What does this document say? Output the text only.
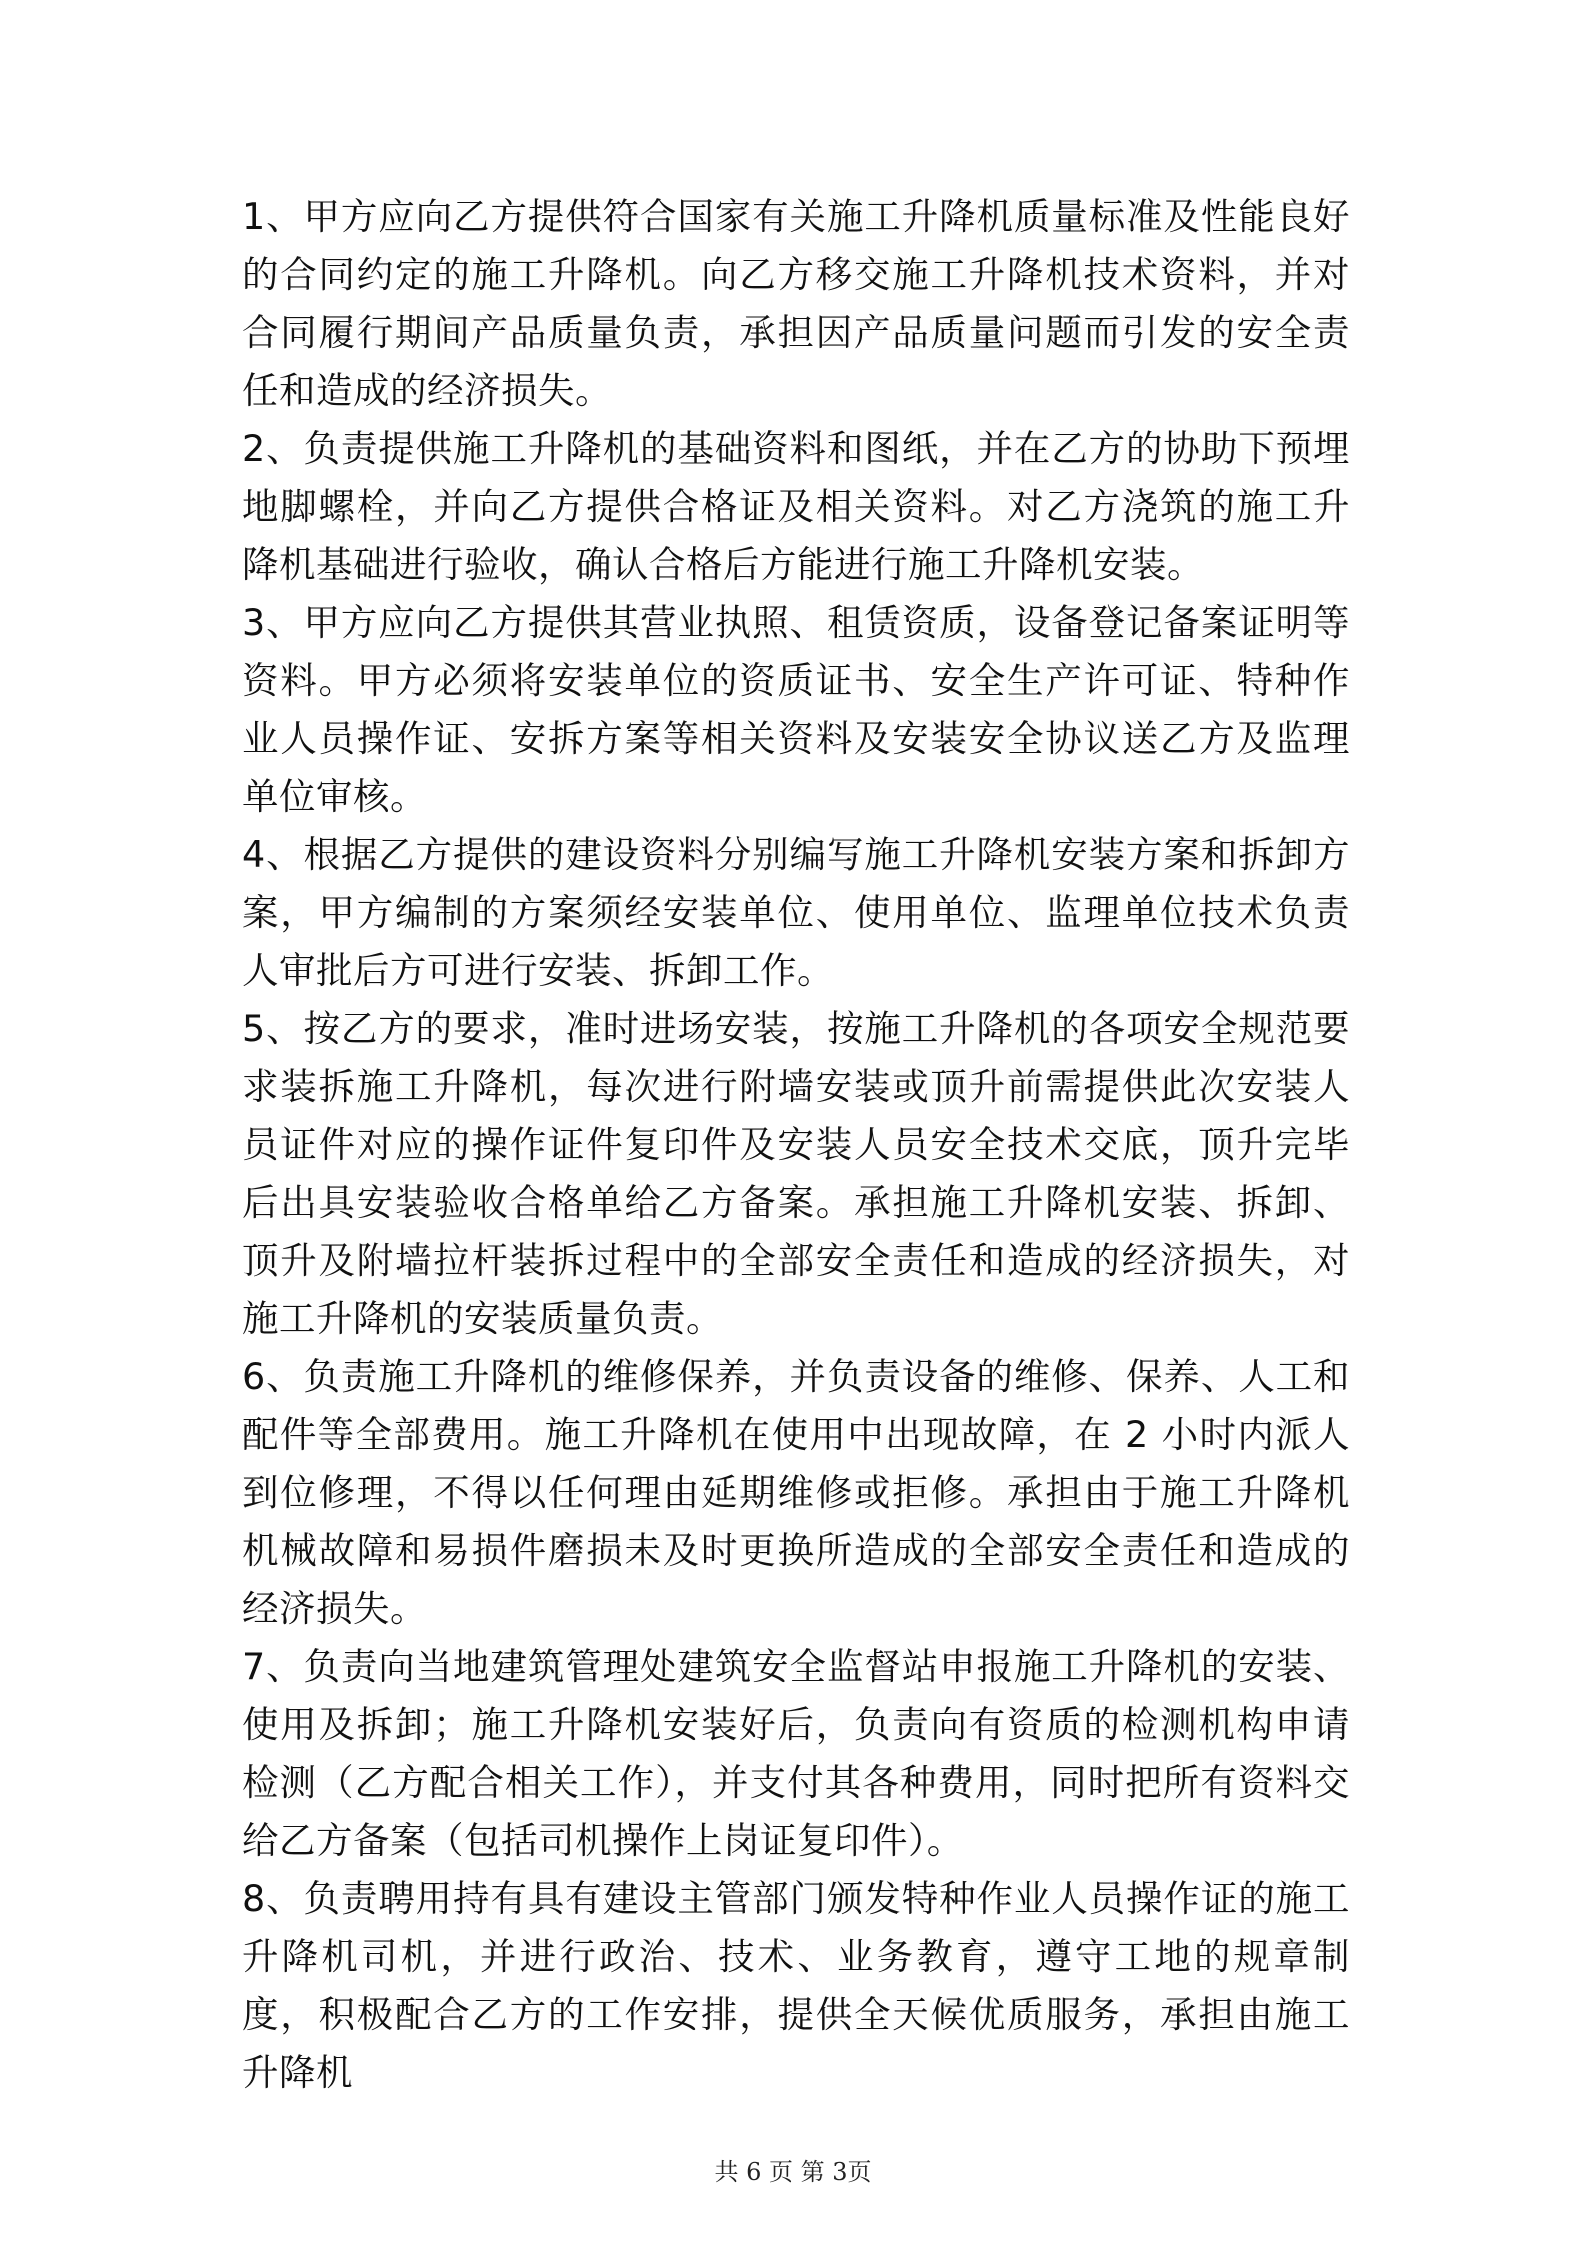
1、甲方应向乙方提供符合国家有关施工升降机质量标准及性能良好的合同约定的施工升降机。向乙方移交施工升降机技术资料，并对合同履行期间产品质量负责，承担因产品质量问题而引发的安全责任和造成的经济损失。

2、负责提供施工升降机的基础资料和图纸，并在乙方的协助下预埋地脚螺栓，并向乙方提供合格证及相关资料。对乙方浇筑的施工升降机基础进行验收，确认合格后方能进行施工升降机安装。

3、甲方应向乙方提供其营业执照、租赁资质，设备登记备案证明等资料。甲方必须将安装单位的资质证书、安全生产许可证、特种作业人员操作证、安拆方案等相关资料及安装安全协议送乙方及监理单位审核。

4、根据乙方提供的建设资料分别编写施工升降机安装方案和拆卸方案，甲方编制的方案须经安装单位、使用单位、监理单位技术负责人审批后方可进行安装、拆卸工作。

5、按乙方的要求，准时进场安装，按施工升降机的各项安全规范要求装拆施工升降机，每次进行附墙安装或顶升前需提供此次安装人员证件对应的操作证件复印件及安装人员安全技术交底，顶升完毕后出具安装验收合格单给乙方备案。承担施工升降机安装、拆卸、顶升及附墙拉杆装拆过程中的全部安全责任和造成的经济损失，对施工升降机的安装质量负责。

6、负责施工升降机的维修保养，并负责设备的维修、保养、人工和配件等全部费用。施工升降机在使用中出现故障，在 2 小时内派人到位修理，不得以任何理由延期维修或拒修。承担由于施工升降机机械故障和易损件磨损未及时更换所造成的全部安全责任和造成的经济损失。

7、负责向当地建筑管理处建筑安全监督站申报施工升降机的安装、使用及拆卸；施工升降机安装好后，负责向有资质的检测机构申请检测（乙方配合相关工作），并支付其各种费用，同时把所有资料交给乙方备案（包括司机操作上岗证复印件）。

8、负责聘用持有具有建设主管部门颁发特种作业人员操作证的施工升降机司机，并进行政治、技术、业务教育，遵守工地的规章制度，积极配合乙方的工作安排，提供全天候优质服务，承担由施工升降机

共 6 页 第 3页
